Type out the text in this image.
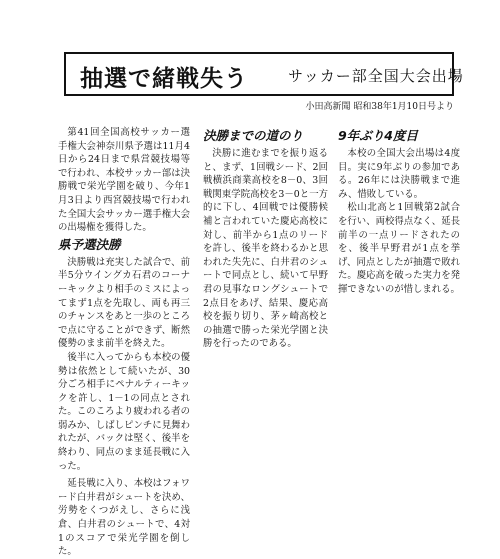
抽選で緒戦失う	サッカー部全国大会出場
小田高新聞 昭和38年1月10日号より

第41回全国高校サッカー選手権大会神奈川県予選は11月4日から24日まで県営競技場等で行われ、本校サッカー部は決勝戦で栄光学園を破り、今年1月3日より西宮競技場で行われた全国大会サッカー選手権大会の出場権を獲得した。

県予選決勝

決勝戦は充実した試合で、前半5分ウイングカ石君のコーナーキックより相手のミスによってまず1点を先取し、両も再三のチャンスをあと一歩のところで点に守ることができず、断然優勢のまま前半を終えた。

後半に入ってからも本校の優勢は依然として続いたが、30分ごろ相手にペナルティーキックを許し、1－1の同点とされた。このころより疲われる者の弱みか、しばしピンチに見舞われたが、バックは堅く、後半を終わり、同点のまま延長戦に入った。

延長戦に入り、本校はフォワード白井君がシュートを決め、労勢をくつがえし、さらに浅倉、白井君のシュートで、4対1のスコアで栄光学園を倒した。

決勝までの道のり

決勝に進むまでを振り返ると、まず、1回戦シード、2回戦横浜商業高校を8－0、3回戦関東学院高校を3－0と一方的に下し、4回戦では優勝候補と言われていた慶応高校に対し、前半から1点のリードを許し、後半を終わるかと思われた失先に、白井君のシュートで同点とし、続いて早野君の見事なロングシュートで2点目をあげ、結果、慶応高校を振り切り、茅ヶ崎高校との抽選で勝った栄光学園と決勝を行ったのである。

9年ぶり4度目

本校の全国大会出場は4度目。実に9年ぶりの参加である。26年には決勝戦まで進み、惜敗している。

松山北高と1回戦第2試合を行い、両校得点なく、延長前半の一点リードされたのを、後半早野君が1点を挙げ、同点としたが抽選で敗れた。慶応高を破った実力を発揮できないのが惜しまれる。
